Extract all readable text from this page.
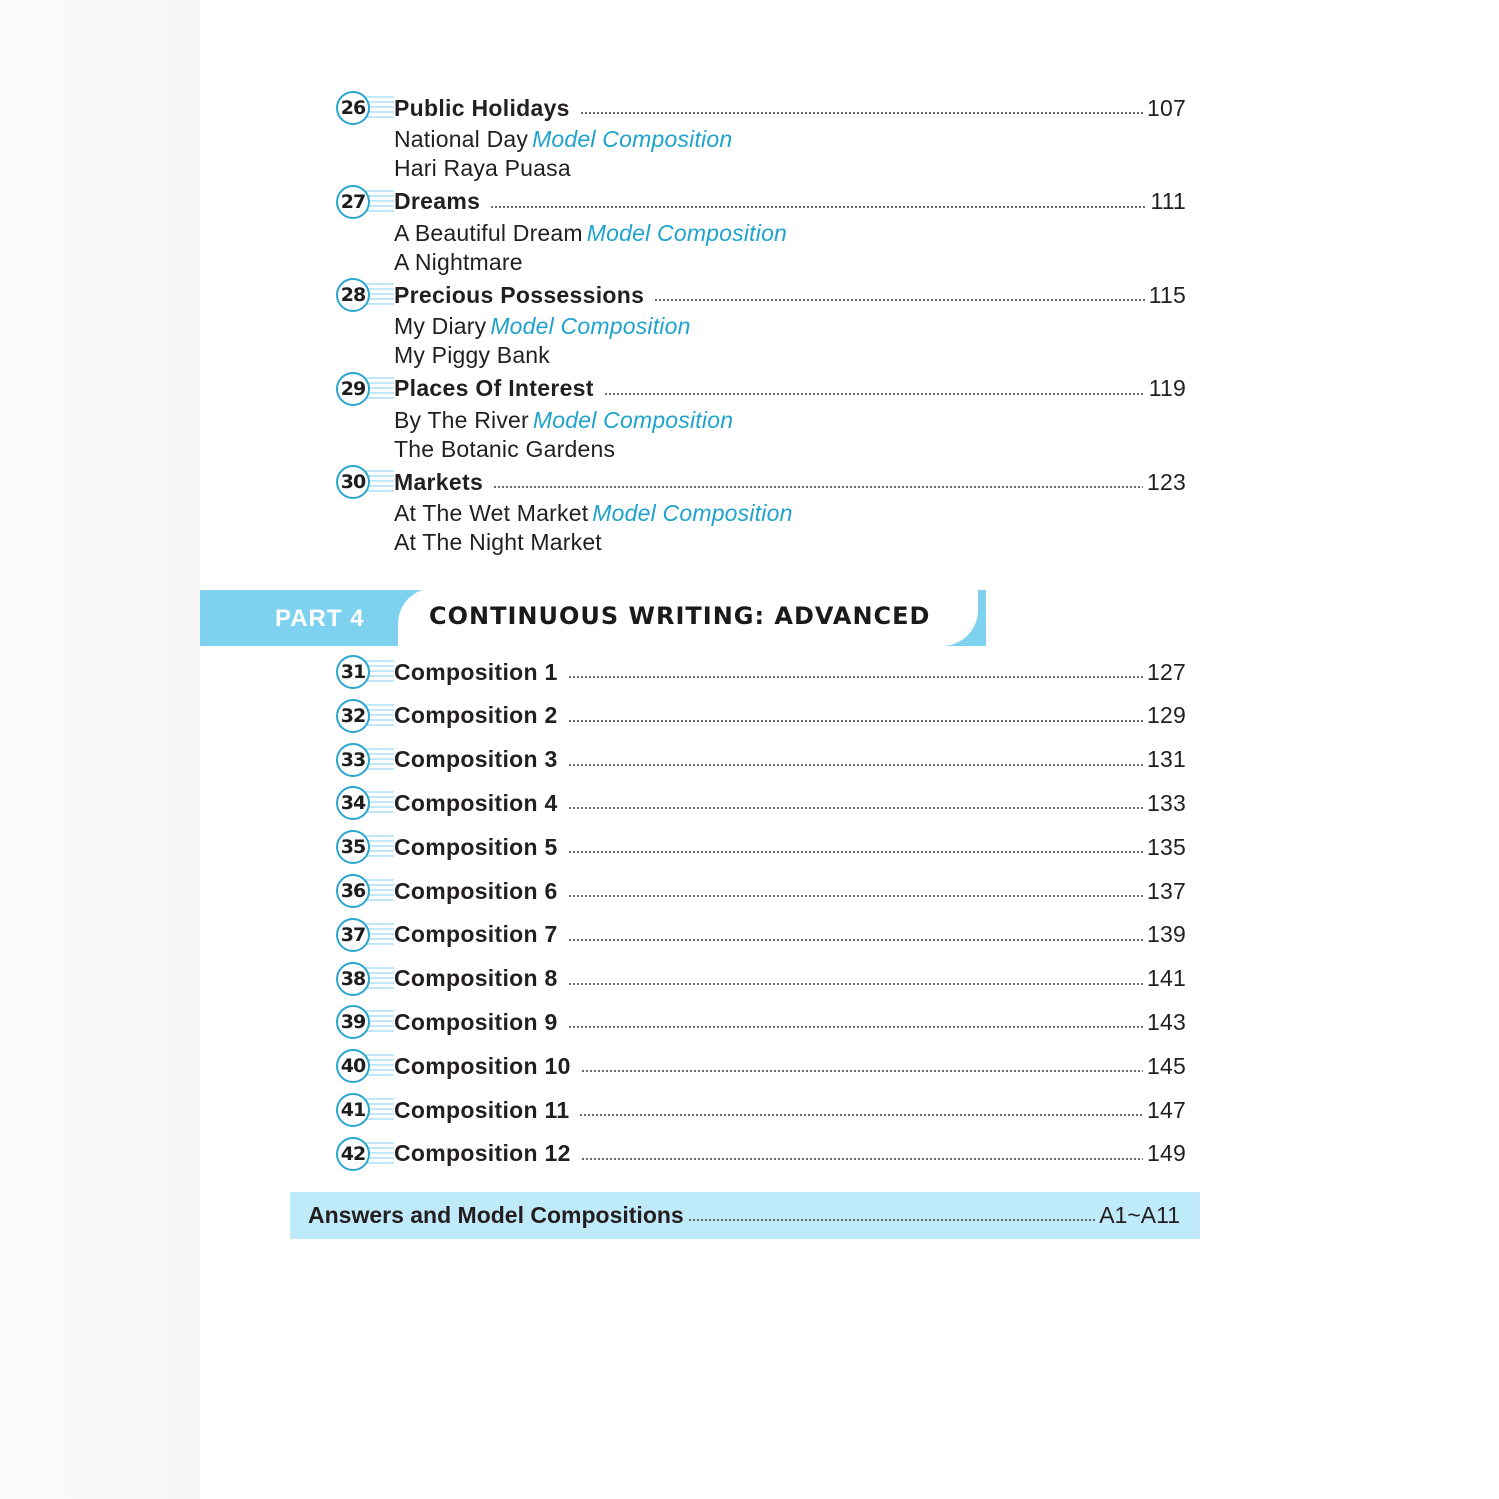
26 Public Holidays	107
National Day Model Composition
Hari Raya Puasa
27 Dreams	111
A Beautiful Dream Model Composition
A Nightmare
28 Precious Possessions	115
My Diary Model Composition
My Piggy Bank
29 Places Of Interest	119
By The River Model Composition
The Botanic Gardens
30 Markets	123
At The Wet Market Model Composition
At The Night Market
PART 4	CONTINUOUS WRITING: ADVANCED
31 Composition 1	127
32 Composition 2	129
33 Composition 3	131
34 Composition 4	133
35 Composition 5	135
36 Composition 6	137
37 Composition 7	139
38 Composition 8	141
39 Composition 9	143
40 Composition 10	145
41 Composition 11	147
42 Composition 12	149
Answers and Model Compositions	A1~A11
